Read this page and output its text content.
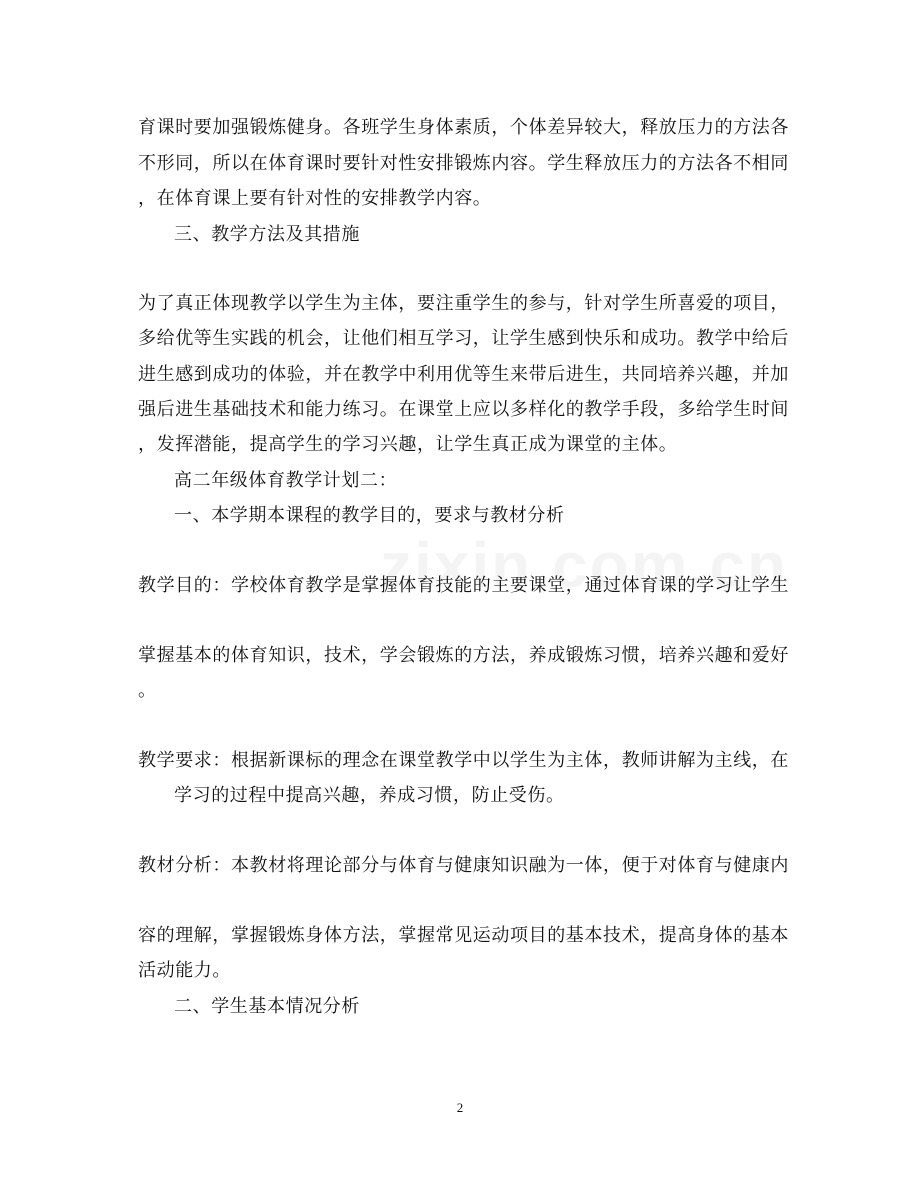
育课时要加强锻炼健身。各班学生身体素质，个体差异较大，释放压力的方法各
不形同，所以在体育课时要针对性安排锻炼内容。学生释放压力的方法各不相同
，在体育课上要有针对性的安排教学内容。
三、教学方法及其措施
为了真正体现教学以学生为主体，要注重学生的参与，针对学生所喜爱的项目，
多给优等生实践的机会，让他们相互学习，让学生感到快乐和成功。教学中给后
进生感到成功的体验，并在教学中利用优等生来带后进生，共同培养兴趣，并加
强后进生基础技术和能力练习。在课堂上应以多样化的教学手段，多给学生时间
，发挥潜能，提高学生的学习兴趣，让学生真正成为课堂的主体。
高二年级体育教学计划二：
一、本学期本课程的教学目的，要求与教材分析
教学目的：学校体育教学是掌握体育技能的主要课堂，通过体育课的学习让学生
掌握基本的体育知识，技术，学会锻炼的方法，养成锻炼习惯，培养兴趣和爱好
。
教学要求：根据新课标的理念在课堂教学中以学生为主体，教师讲解为主线，在
学习的过程中提高兴趣，养成习惯，防止受伤。
教材分析：本教材将理论部分与体育与健康知识融为一体，便于对体育与健康内
容的理解，掌握锻炼身体方法，掌握常见运动项目的基本技术，提高身体的基本
活动能力。
二、学生基本情况分析
2
